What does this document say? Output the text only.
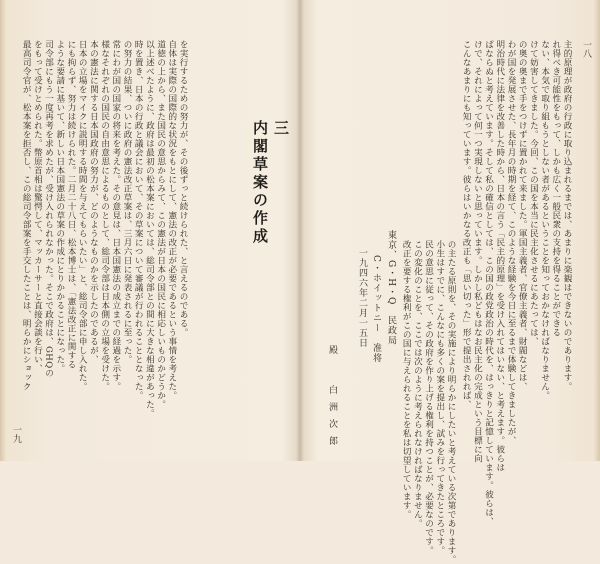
一九
を実行するための努力が、その後ずっと続けられた、と言えるのである。
自体は実際の国際的な状況をもとにして、憲法の改正が必要であるという事情を考えた。
道徳の上から、また国民の意思からみて、この憲法が日本の国民に相応しいものかどうか。
以上述べたように、政府は最初の松本案においては、総司令部との間に大きな相違があった。
時を置き、日本の行政と議会において、その草案について審議が行われることとなった。
の努力の結果、ついに政府の憲法改正草案は、三月六日に発表されるに至った。
常にわが国の国家の将来を考えた。その意見は、日本国憲法の成立までの経過を示す。
様なそれぞれの国民の自由意思によるものとして、総司令部は日本側の立場を受けた。
本の憲法に関する日本国政府の努力が、どのようなものかを示したのであるが、
日本の立場をマイクに説明する時間を与えてもらいたい」と、総司令部に申し入れた。
にも拘らず、努力は続けられた。二月二十八日、松本博士は、「憲法改正に関する
ような要請に基いて、新しい日本国憲法の草案の作成にとりかかることになった。
司令部にもう一度再考を求めたが、受け入れられなかった。そこで政府は、GHQの
をもって受けとめられた。幣原首相は驚愕して、マッカーサーと直接会談を行い、
最高司令官が、松本案を拒否し、この総司令部案を手交したことは、明らかにショック	三
内閣草案の作成
一八
主的原理が政府の行政に取り込まれるまでは、あまりに楽観はできないのであります。
れ得べき可能性をもって、しかも広く一般民衆の支持を得ることができる
ない、本気で取り組もうとしない者があるということを知っておかなければなりません。
けて妨害してきました。今回、この国を本当に民主化させるにあたっては、
の奥の奥まで手をつけずに置かれて来ました。軍国主義者、官僚主義者、財閥などは、
わが国を発展させた、長年月の時期を経て、このような経験を今日に至るまで体験してきましたが、
明治時代に法律を改善した時から、日本の言う「民主的原理」を受け入れてはいない、と考えます。彼らは
ぱならぬと考えています。そして私の確信としては、この国の政党政治の時代を、はっきりと記憶しています。彼らは、
けで、それによって何一つ実現しないと思っています。しかし私どもはなお民主化の完成という目標に向
こんなあまりにも知っています。彼らはいかなる改正も「思い切った」形で提出されれば、
の主たる原則を、その実施により明らかにしたいと考えている次第であります。
小生はすでに、こんなにも多くの案を提出し、試みを行ってきたところです。
民の意思に従って、その政府を作り上げる権利を持つことが、必要なのです。
この変化のことを、ここでは次のように考えられなければなりません。
改正を要する権利がこの国に与えられることを私は切望しています。
東京、G・H・Q　民政局
C・ホイットニー　准将
一九四六年二月一五日
殿
白洲次郎
